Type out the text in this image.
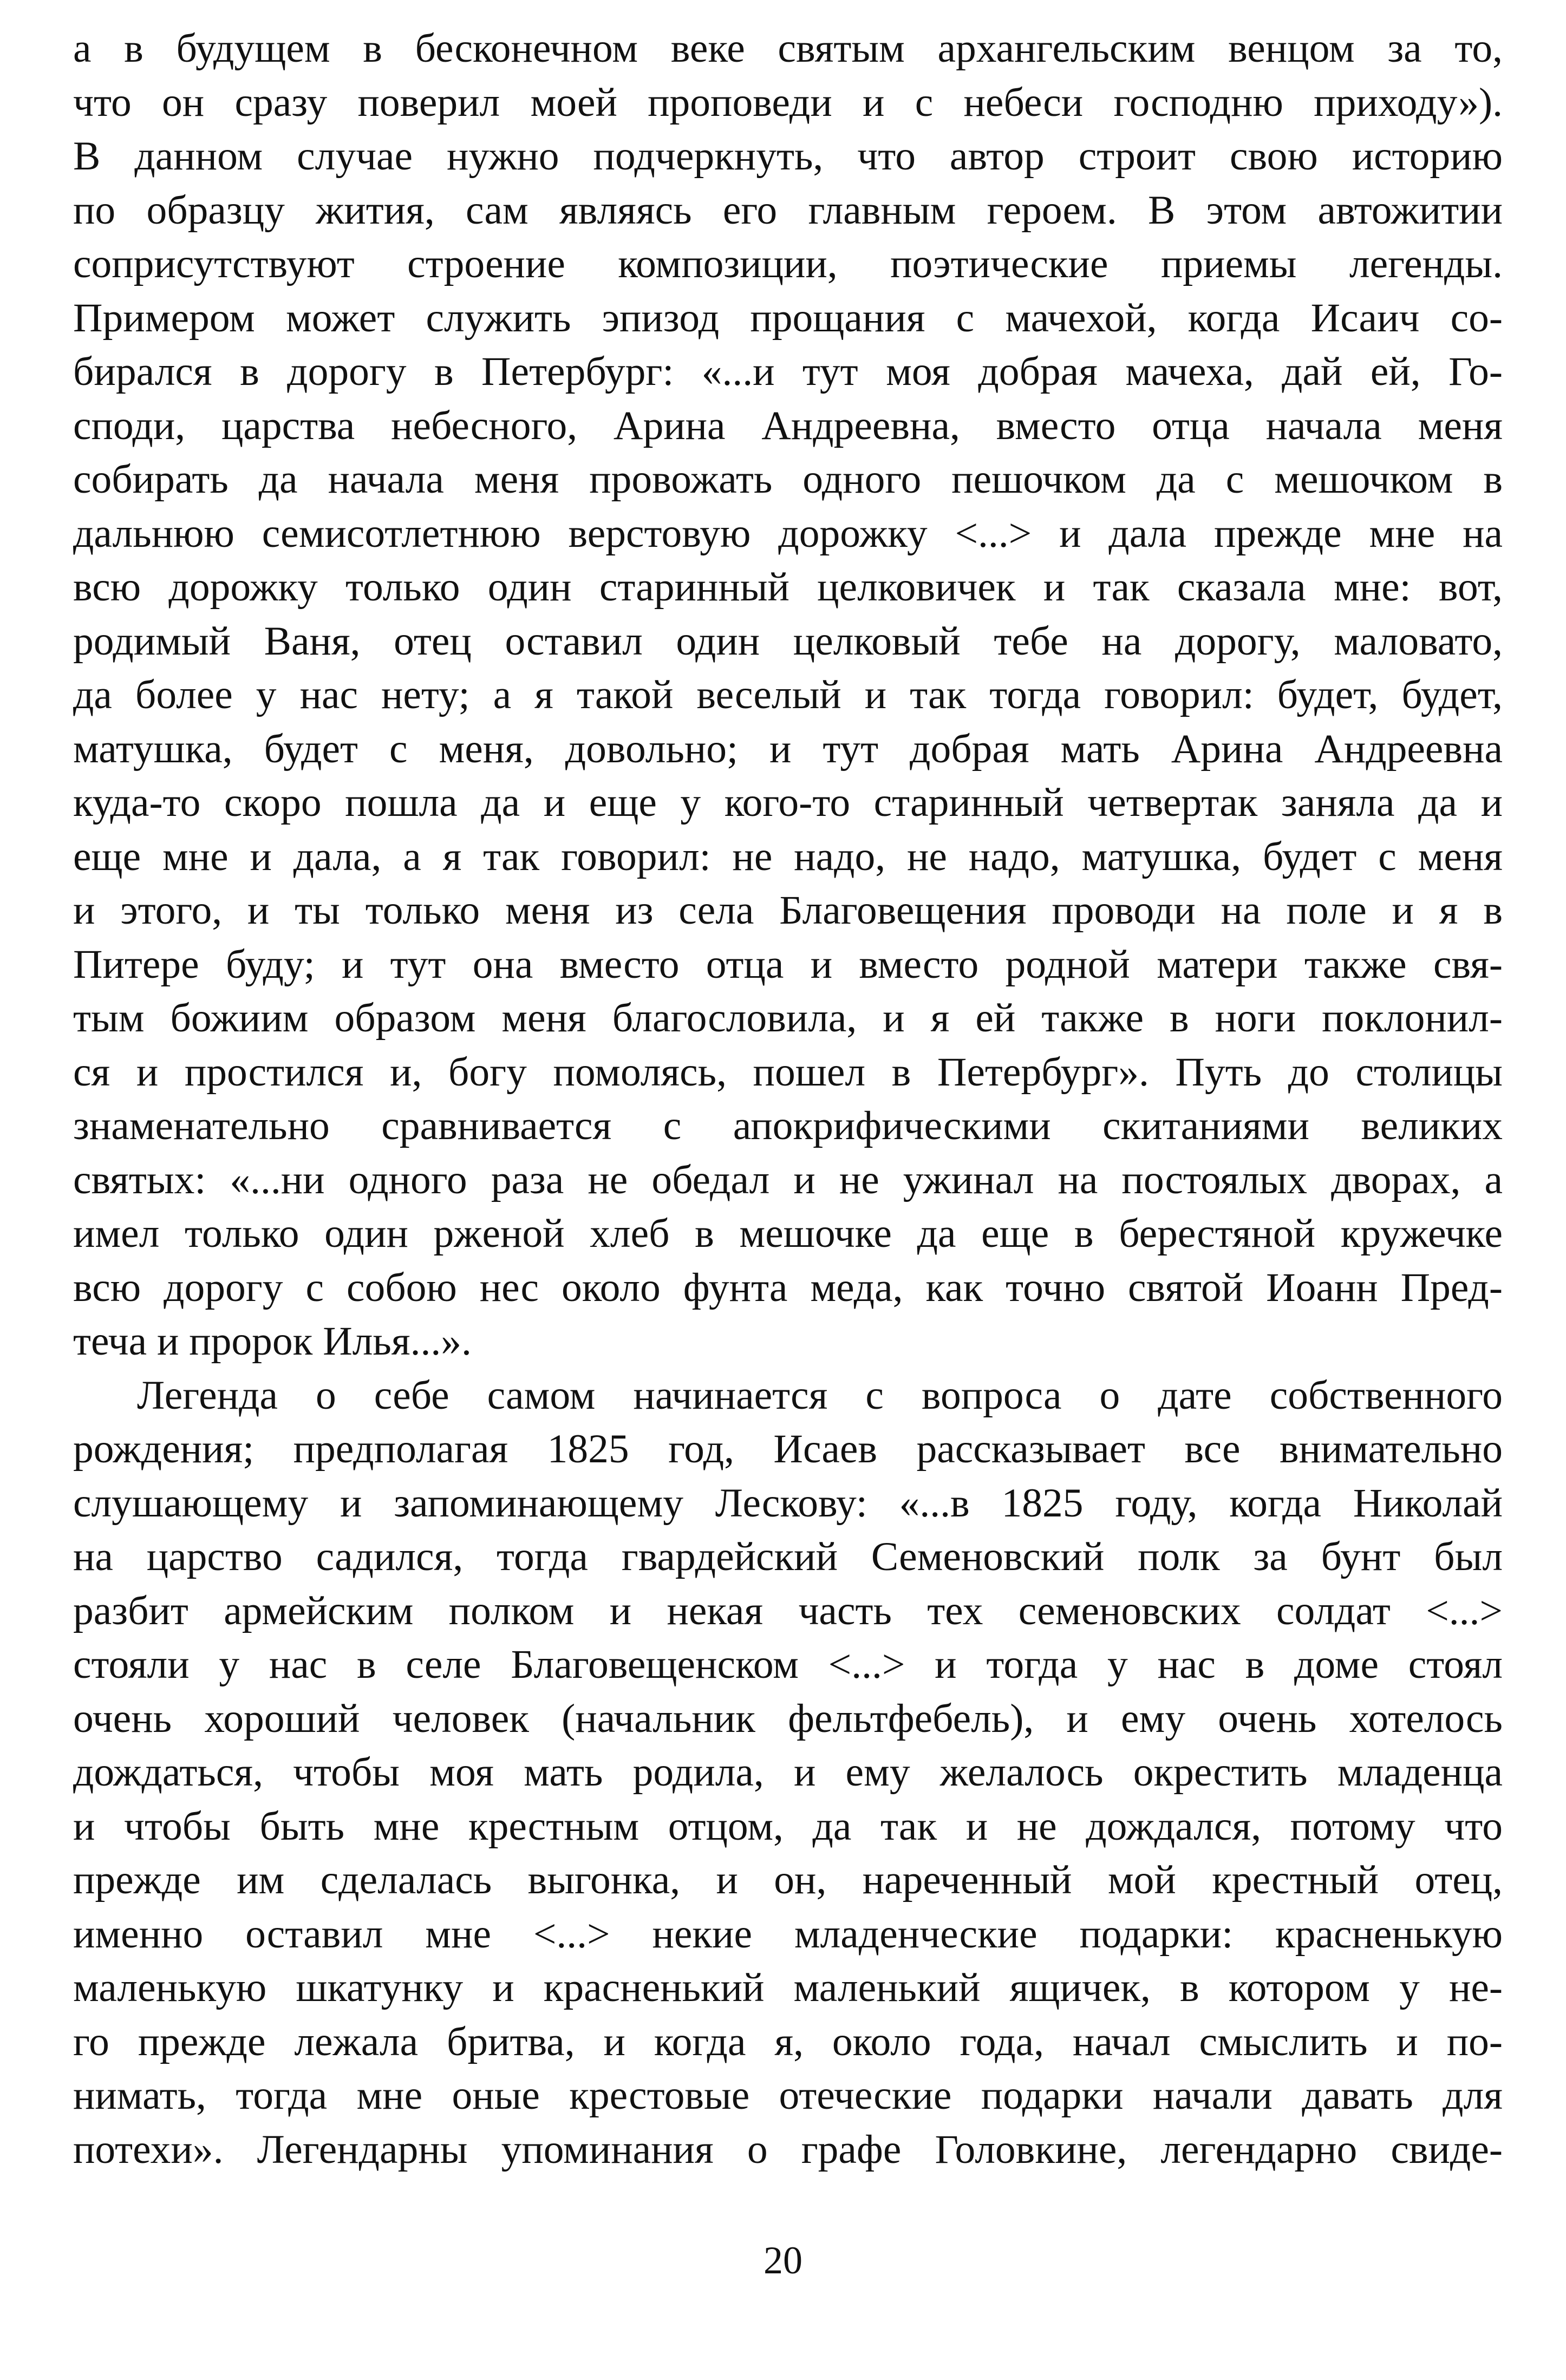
а в будущем в бесконечном веке святым архангельским венцом за то,
что он сразу поверил моей проповеди и с небеси господню приходу»).
В данном случае нужно подчеркнуть, что автор строит свою историю
по образцу жития, сам являясь его главным героем. В этом автожитии
соприсутствуют строение композиции, поэтические приемы легенды.
Примером может служить эпизод прощания с мачехой, когда Исаич со-
бирался в дорогу в Петербург: «...и тут моя добрая мачеха, дай ей, Го-
споди, царства небесного, Арина Андреевна, вместо отца начала меня
собирать да начала меня провожать одного пешочком да с мешочком в
дальнюю семисотлетнюю верстовую дорожку <...> и дала прежде мне на
всю дорожку только один старинный целковичек и так сказала мне: вот,
родимый Ваня, отец оставил один целковый тебе на дорогу, маловато,
да более у нас нету; а я такой веселый и так тогда говорил: будет, будет,
матушка, будет с меня, довольно; и тут добрая мать Арина Андреевна
куда-то скоро пошла да и еще у кого-то старинный четвертак заняла да и
еще мне и дала, а я так говорил: не надо, не надо, матушка, будет с меня
и этого, и ты только меня из села Благовещения проводи на поле и я в
Питере буду; и тут она вместо отца и вместо родной матери также свя-
тым божиим образом меня благословила, и я ей также в ноги поклонил-
ся и простился и, богу помолясь, пошел в Петербург». Путь до столицы
знаменательно сравнивается с апокрифическими скитаниями великих
святых: «...ни одного раза не обедал и не ужинал на постоялых дворах, а
имел только один ржeной хлеб в мешочке да еще в берестяной кружечке
всю дорогу с собою нес около фунта меда, как точно святой Иоанн Пред-
теча и пророк Илья...».
Легенда о себе самом начинается с вопроса о дате собственного
рождения; предполагая 1825 год, Исаев рассказывает все внимательно
слушающему и запоминающему Лескову: «...в 1825 году, когда Николай
на царство садился, тогда гвардейский Семеновский полк за бунт был
разбит армейским полком и некая часть тех семеновских солдат <...>
стояли у нас в селе Благовещенском <...> и тогда у нас в доме стоял
очень хороший человек (начальник фельтфебель), и ему очень хотелось
дождаться, чтобы моя мать родила, и ему желалось окрестить младенца
и чтобы быть мне крестным отцом, да так и не дождался, потому что
прежде им сделалась выгонка, и он, нареченный мой крестный отец,
именно оставил мне <...> некие младенческие подарки: красненькую
маленькую шкатунку и красненький маленький ящичек, в котором у не-
го прежде лежала бритва, и когда я, около года, начал смыслить и по-
нимать, тогда мне оные крестовые отеческие подарки начали давать для
потехи». Легендарны упоминания о графе Головкине, легендарно свиде-
20
